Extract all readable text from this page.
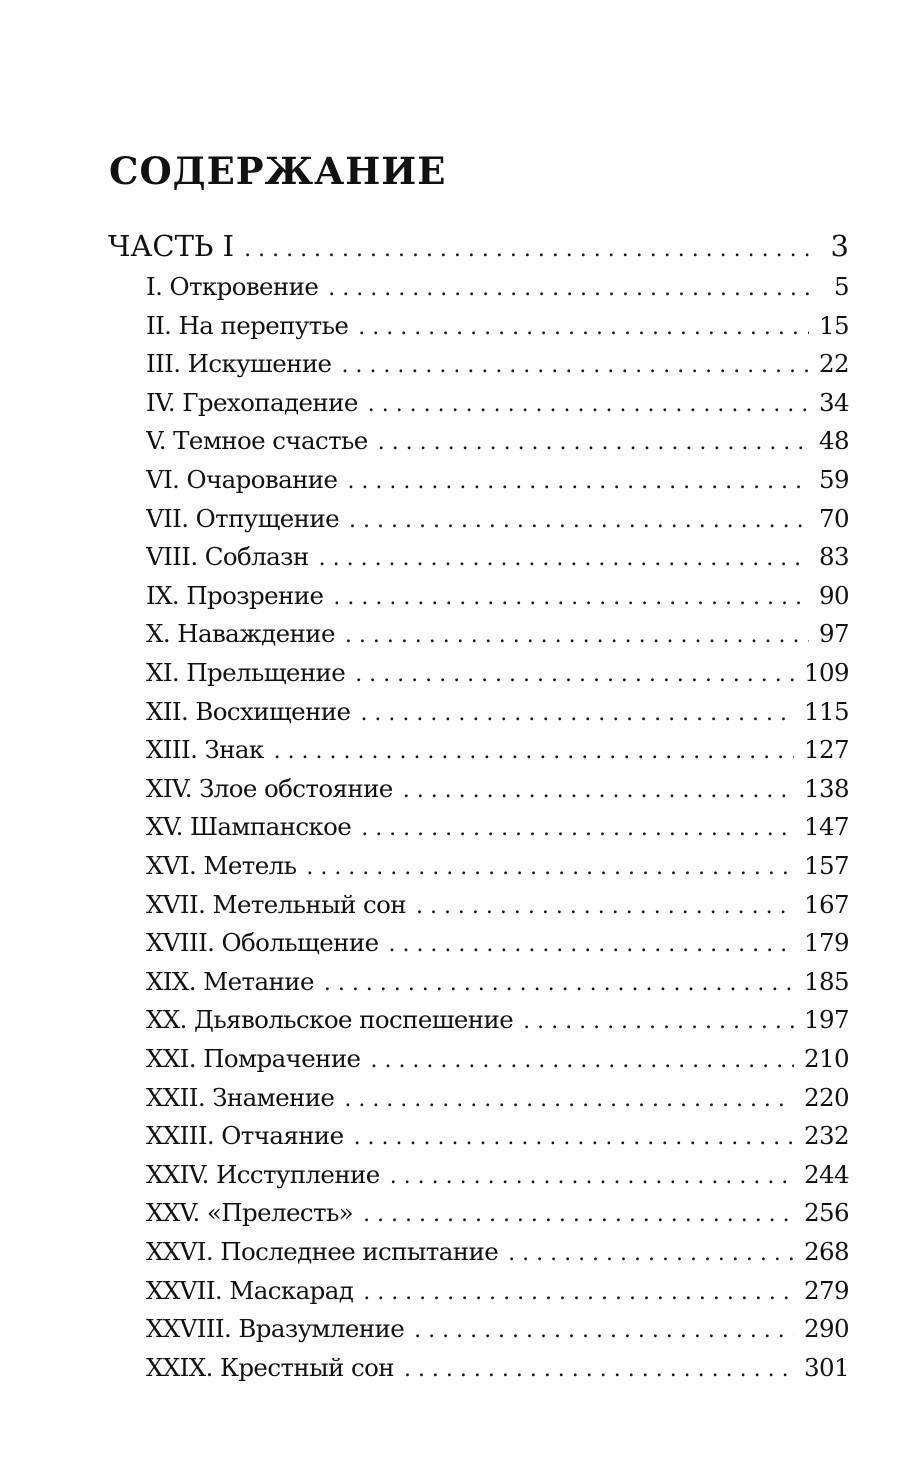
СОДЕРЖАНИЕ
ЧАСТЬ I . . .	3
I. Откровение . . .	5
II. На перепутье . . .	15
III. Искушение . . .	22
IV. Грехопадение . . .	34
V. Темное счастье . . .	48
VI. Очарование . . .	59
VII. Отпущение . . .	70
VIII. Соблазн . . .	83
IX. Прозрение . . .	90
X. Наваждение . . .	97
XI. Прельщение . . .	109
XII. Восхищение . . .	115
XIII. Знак . . .	127
XIV. Злое обстояние . . .	138
XV. Шампанское . . .	147
XVI. Метель . . .	157
XVII. Метельный сон . . .	167
XVIII. Обольщение . . .	179
XIX. Метание . . .	185
XX. Дьявольское поспешение . . .	197
XXI. Помрачение . . .	210
XXII. Знамение . . .	220
XXIII. Отчаяние . . .	232
XXIV. Исступление . . .	244
XXV. «Прелесть» . . .	256
XXVI. Последнее испытание . . .	268
XXVII. Маскарад . . .	279
XXVIII. Вразумление . . .	290
XXIX. Крестный сон . . .	301
